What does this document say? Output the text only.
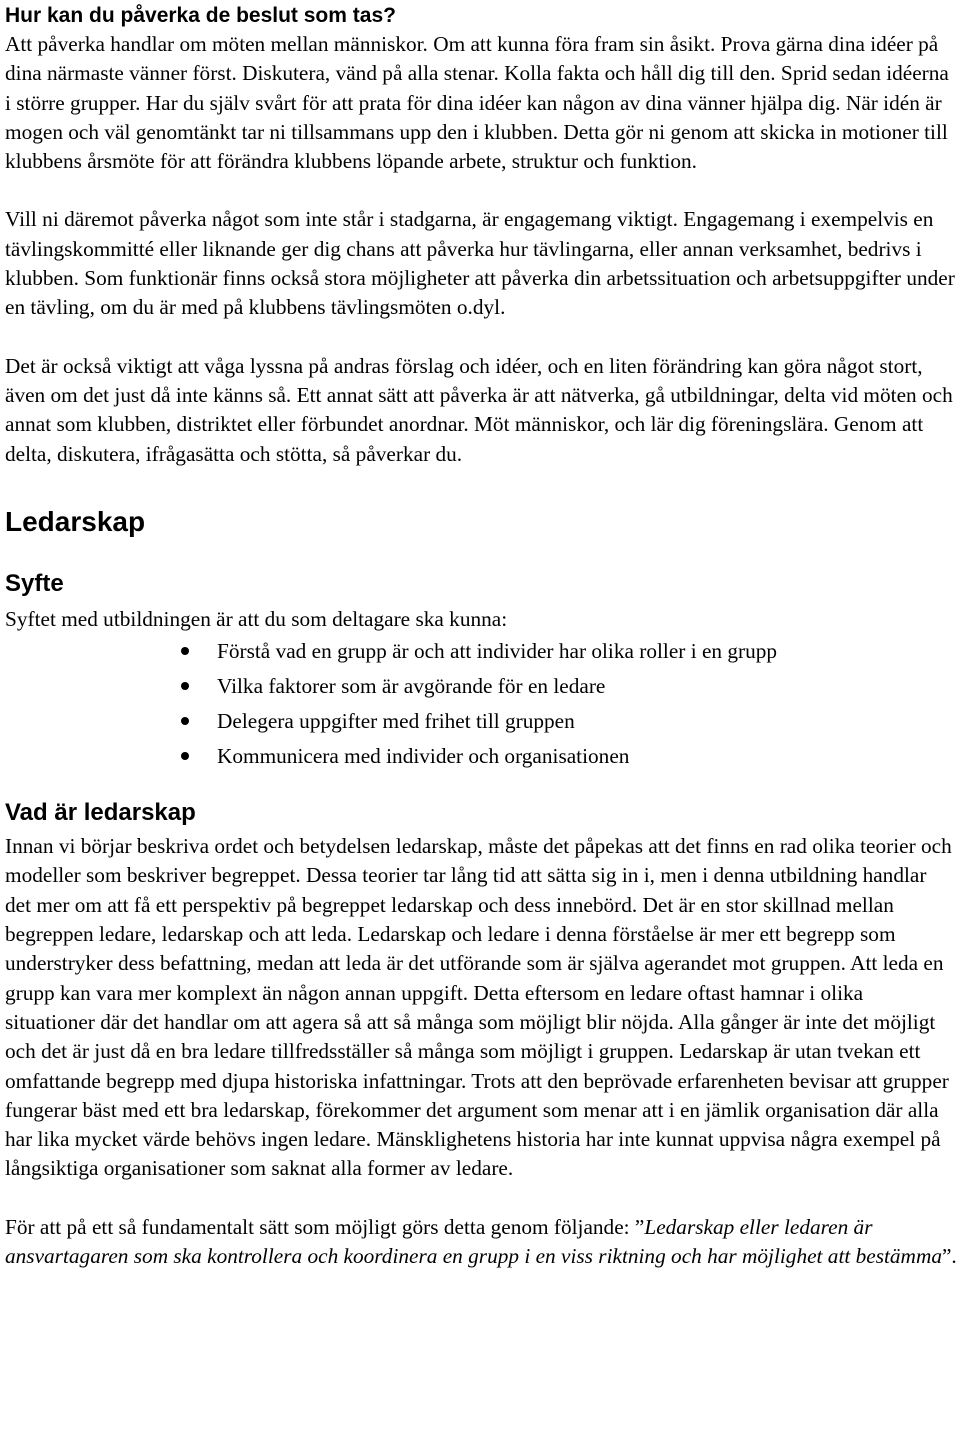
Hur kan du påverka de beslut som tas?

Att påverka handlar om möten mellan människor. Om att kunna föra fram sin åsikt. Prova gärna dina idéer på dina närmaste vänner först. Diskutera, vänd på alla stenar. Kolla fakta och håll dig till den. Sprid sedan idéerna i större grupper. Har du själv svårt för att prata för dina idéer kan någon av dina vänner hjälpa dig. När idén är mogen och väl genomtänkt tar ni tillsammans upp den i klubben. Detta gör ni genom att skicka in motioner till klubbens årsmöte för att förändra klubbens löpande arbete, struktur och funktion.

Vill ni däremot påverka något som inte står i stadgarna, är engagemang viktigt. Engagemang i exempelvis en tävlingskommitté eller liknande ger dig chans att påverka hur tävlingarna, eller annan verksamhet, bedrivs i klubben. Som funktionär finns också stora möjligheter att påverka din arbetssituation och arbetsuppgifter under en tävling, om du är med på klubbens tävlingsmöten o.dyl.

Det är också viktigt att våga lyssna på andras förslag och idéer, och en liten förändring kan göra något stort, även om det just då inte känns så. Ett annat sätt att påverka är att nätverka, gå utbildningar, delta vid möten och annat som klubben, distriktet eller förbundet anordnar. Möt människor, och lär dig föreningslära. Genom att delta, diskutera, ifrågasätta och stötta, så påverkar du.

Ledarskap
Syfte

Syftet med utbildningen är att du som deltagare ska kunna:

Förstå vad en grupp är och att individer har olika roller i en grupp
Vilka faktorer som är avgörande för en ledare
Delegera uppgifter med frihet till gruppen
Kommunicera med individer och organisationen
Vad är ledarskap

Innan vi börjar beskriva ordet och betydelsen ledarskap, måste det påpekas att det finns en rad olika teorier och modeller som beskriver begreppet. Dessa teorier tar lång tid att sätta sig in i, men i denna utbildning handlar det mer om att få ett perspektiv på begreppet ledarskap och dess innebörd. Det är en stor skillnad mellan begreppen ledare, ledarskap och att leda. Ledarskap och ledare i denna förståelse är mer ett begrepp som understryker dess befattning, medan att leda är det utförande som är själva agerandet mot gruppen. Att leda en grupp kan vara mer komplext än någon annan uppgift. Detta eftersom en ledare oftast hamnar i olika situationer där det handlar om att agera så att så många som möjligt blir nöjda. Alla gånger är inte det möjligt och det är just då en bra ledare tillfredsställer så många som möjligt i gruppen. Ledarskap är utan tvekan ett omfattande begrepp med djupa historiska infattningar. Trots att den beprövade erfarenheten bevisar att grupper fungerar bäst med ett bra ledarskap, förekommer det argument som menar att i en jämlik organisation där alla har lika mycket värde behövs ingen ledare. Mänsklighetens historia har inte kunnat uppvisa några exempel på långsiktiga organisationer som saknat alla former av ledare.

För att på ett så fundamentalt sätt som möjligt görs detta genom följande: ”Ledarskap eller ledaren är ansvartagaren som ska kontrollera och koordinera en grupp i en viss riktning och har möjlighet att bestämma”.
